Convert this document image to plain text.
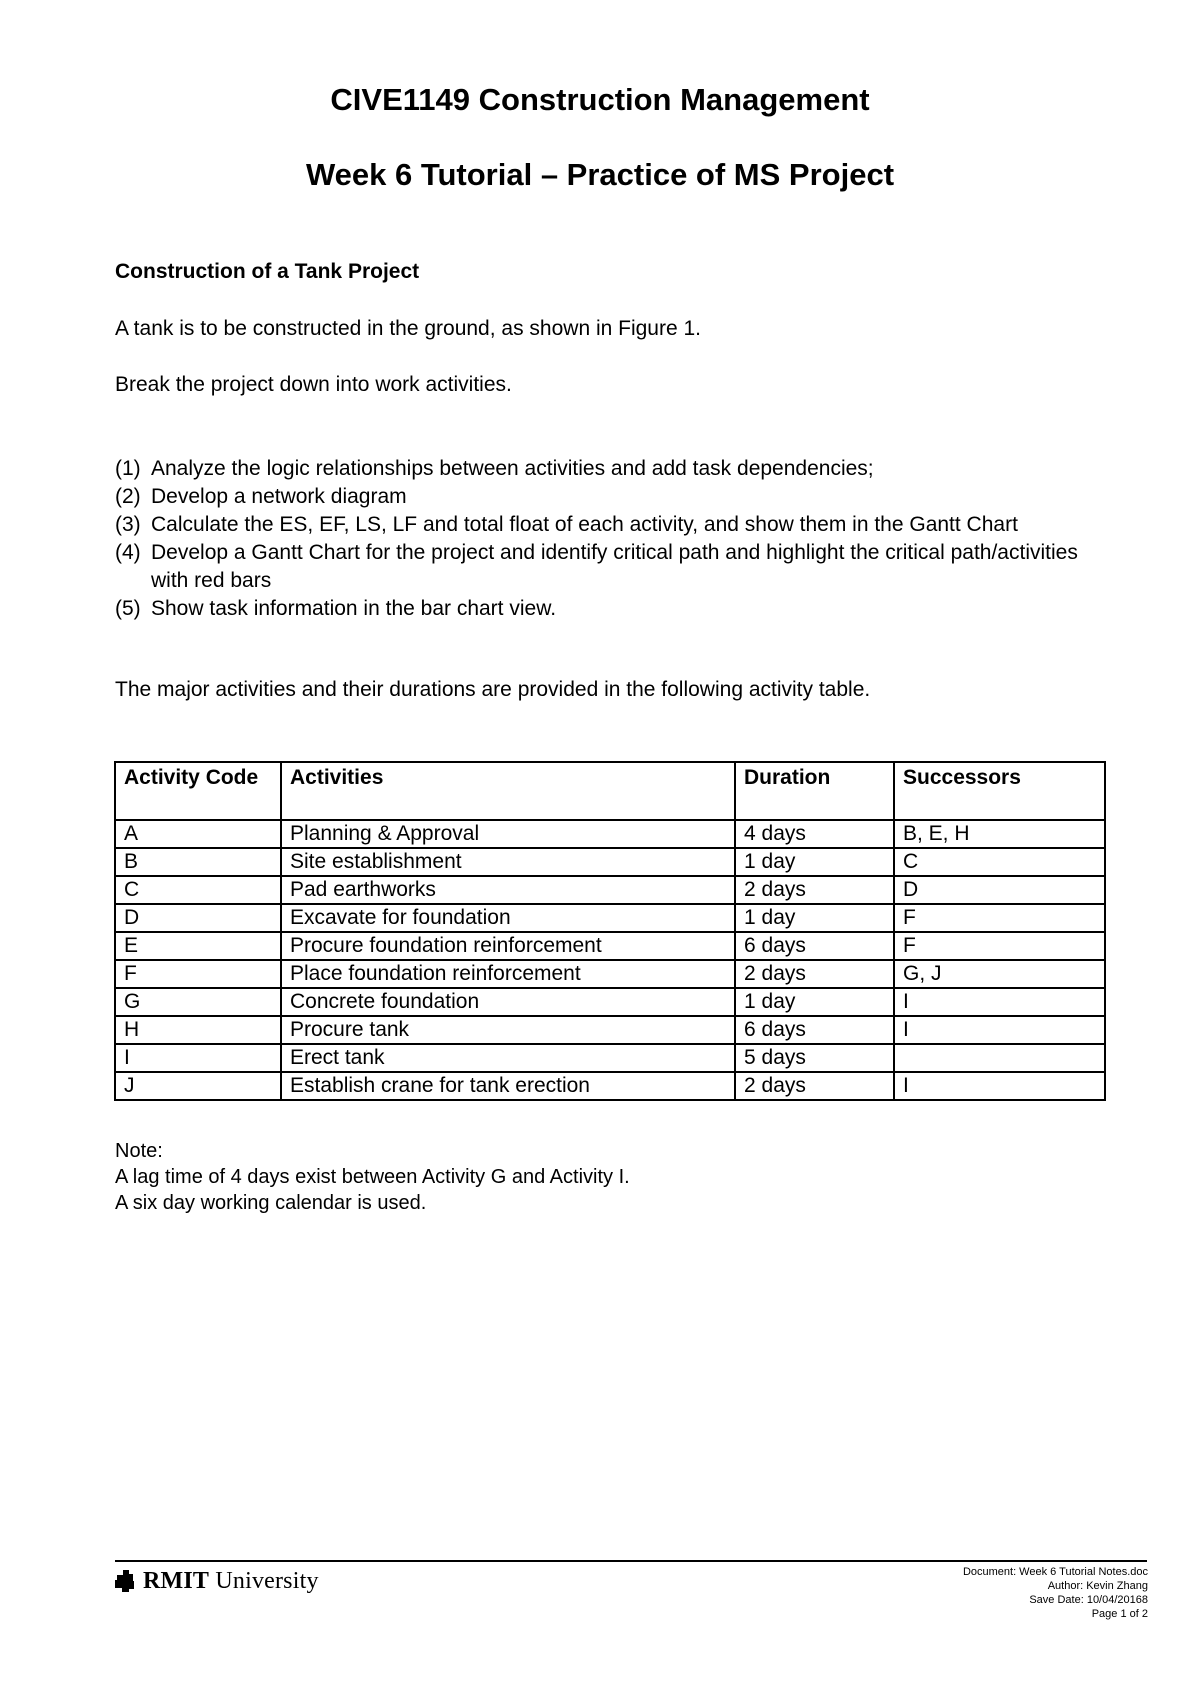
CIVE1149 Construction Management
Week 6 Tutorial – Practice of MS Project
Construction of a Tank Project
A tank is to be constructed in the ground, as shown in Figure 1.
Break the project down into work activities.
(1) Analyze the logic relationships between activities and add task dependencies;
(2) Develop a network diagram
(3) Calculate the ES, EF, LS, LF and total float of each activity, and show them in the Gantt Chart
(4) Develop a Gantt Chart for the project and identify critical path and highlight the critical path/activities with red bars
(5) Show task information in the bar chart view.
The major activities and their durations are provided in the following activity table.
Activity Code	Activities	Duration	Successors
A	Planning & Approval	4 days	B, E, H
B	Site establishment	1 day	C
C	Pad earthworks	2 days	D
D	Excavate for foundation	1 day	F
E	Procure foundation reinforcement	6 days	F
F	Place foundation reinforcement	2 days	G, J
G	Concrete foundation	1 day	I
H	Procure tank	6 days	I
I	Erect tank	5 days	
J	Establish crane for tank erection	2 days	I
Note:
A lag time of 4 days exist between Activity G and Activity I.
A six day working calendar is used.
RMIT University	Document: Week 6 Tutorial Notes.doc
Author: Kevin Zhang
Save Date: 10/04/20168
Page 1 of 2
